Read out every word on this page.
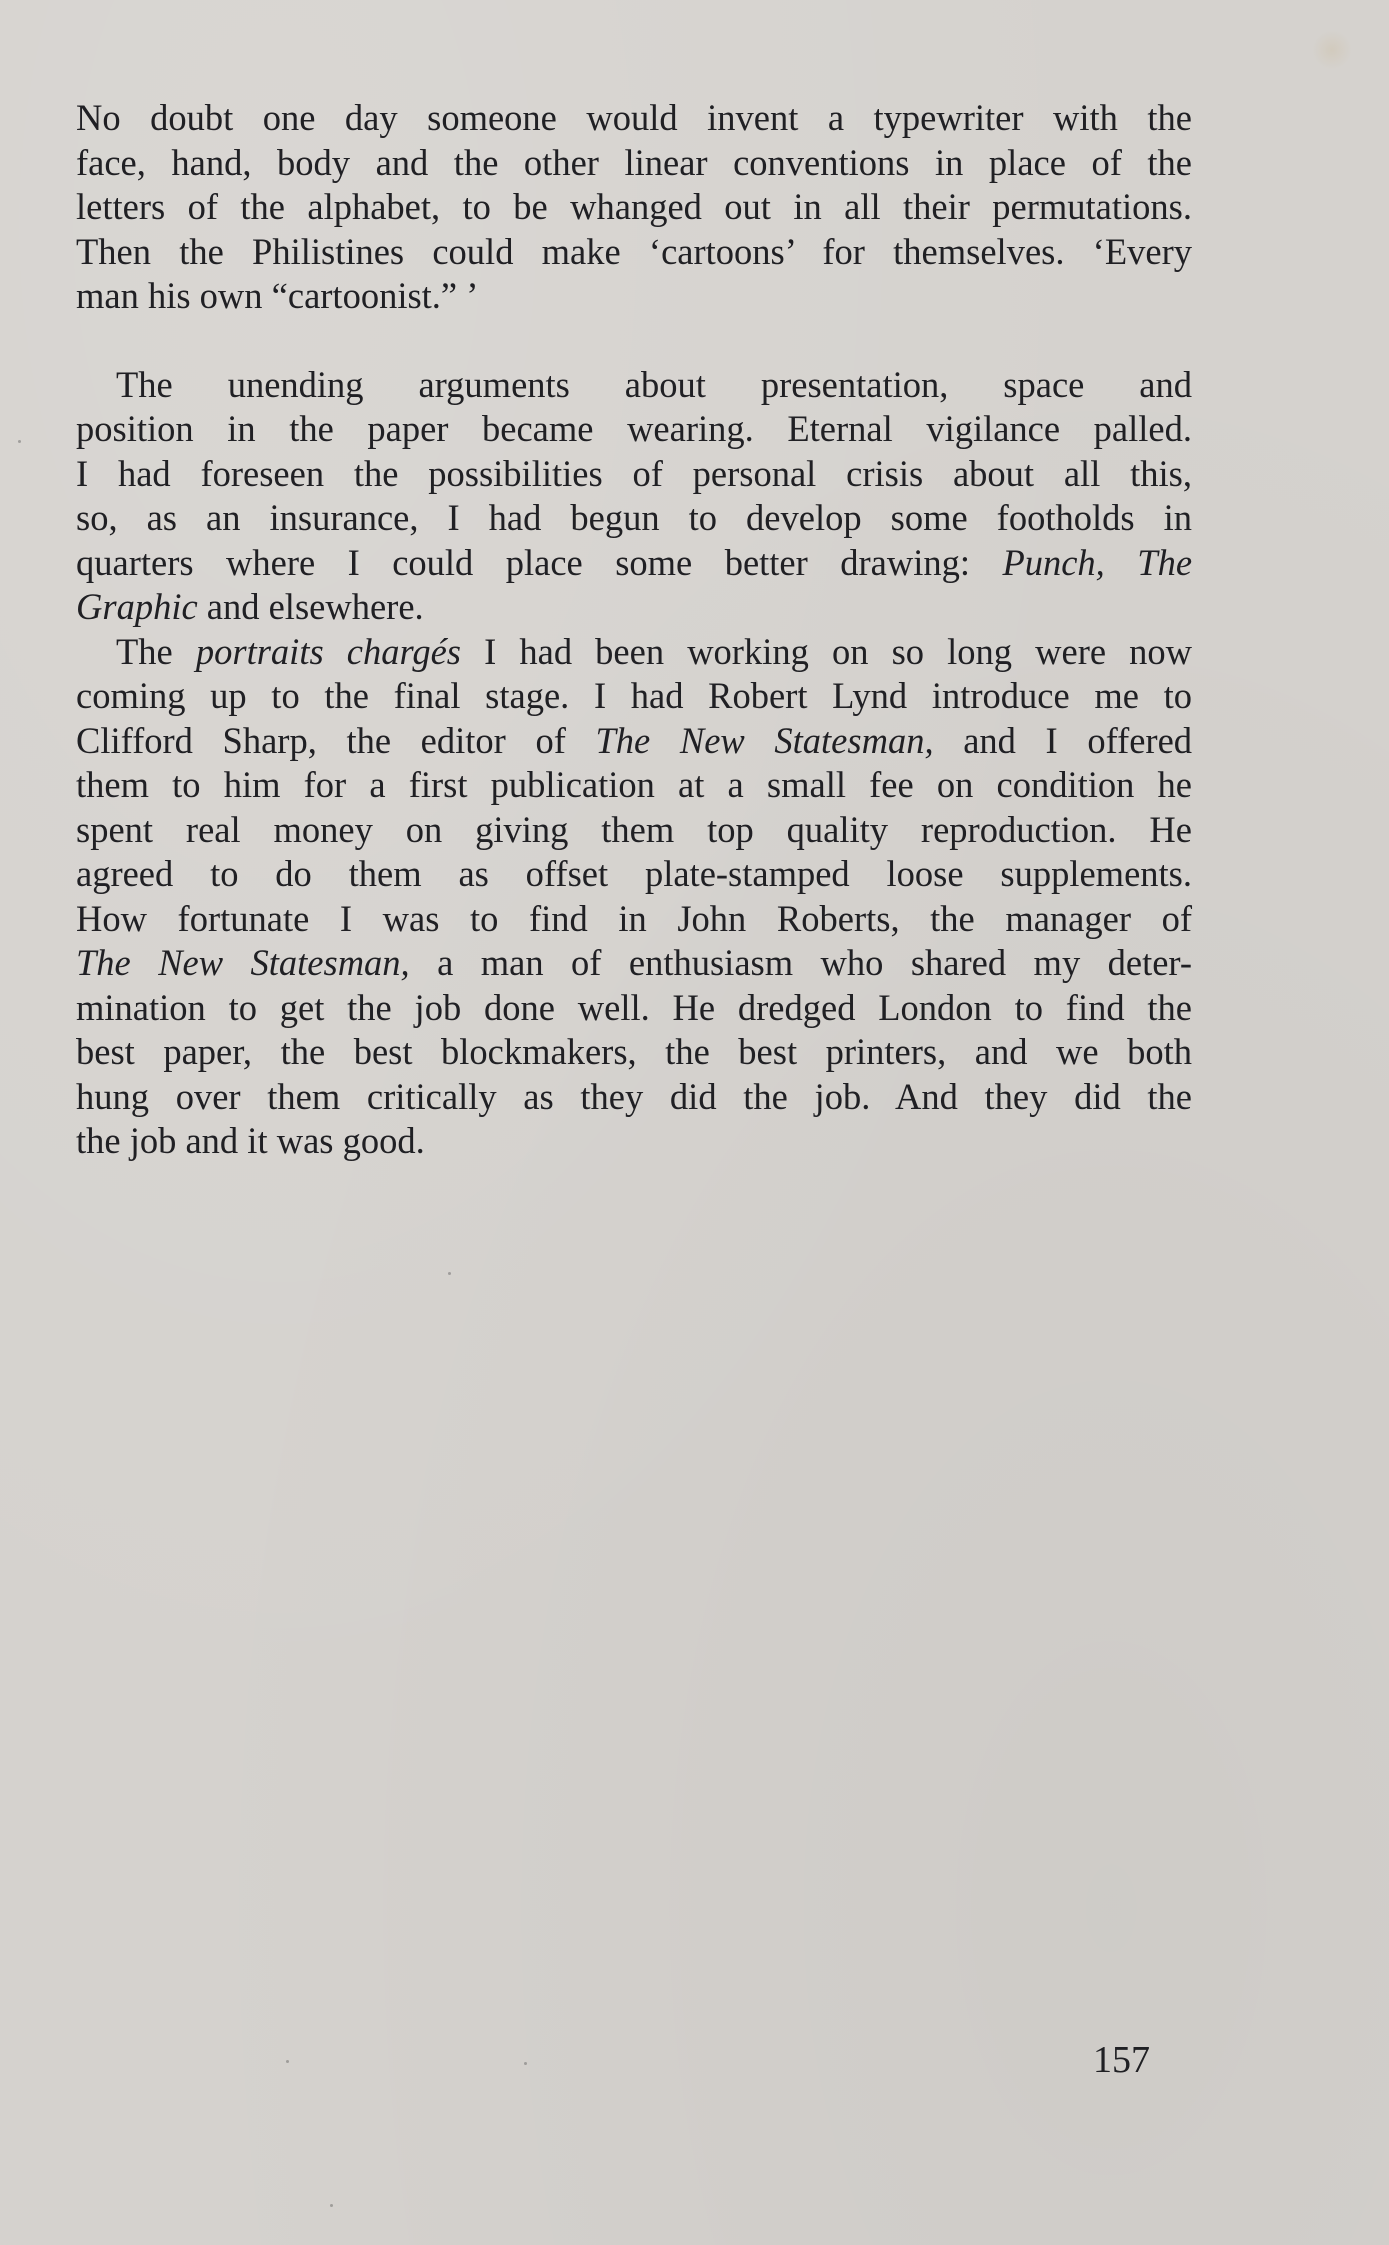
No doubt one day someone would invent a typewriter with the
face, hand, body and the other linear conventions in place of the
letters of the alphabet, to be whanged out in all their permutations.
Then the Philistines could make ‘cartoons’ for themselves. ‘Every
man his own “cartoonist.” ’

The unending arguments about presentation, space and
position in the paper became wearing. Eternal vigilance palled.
I had foreseen the possibilities of personal crisis about all this,
so, as an insurance, I had begun to develop some footholds in
quarters where I could place some better drawing: Punch, The
Graphic and elsewhere.

The portraits chargés I had been working on so long were now
coming up to the final stage. I had Robert Lynd introduce me to
Clifford Sharp, the editor of The New Statesman, and I offered
them to him for a first publication at a small fee on condition he
spent real money on giving them top quality reproduction. He
agreed to do them as offset plate-stamped loose supplements.
How fortunate I was to find in John Roberts, the manager of
The New Statesman, a man of enthusiasm who shared my deter-
mination to get the job done well. He dredged London to find the
best paper, the best blockmakers, the best printers, and we both
hung over them critically as they did the job. And they did the
the job and it was good.

157
